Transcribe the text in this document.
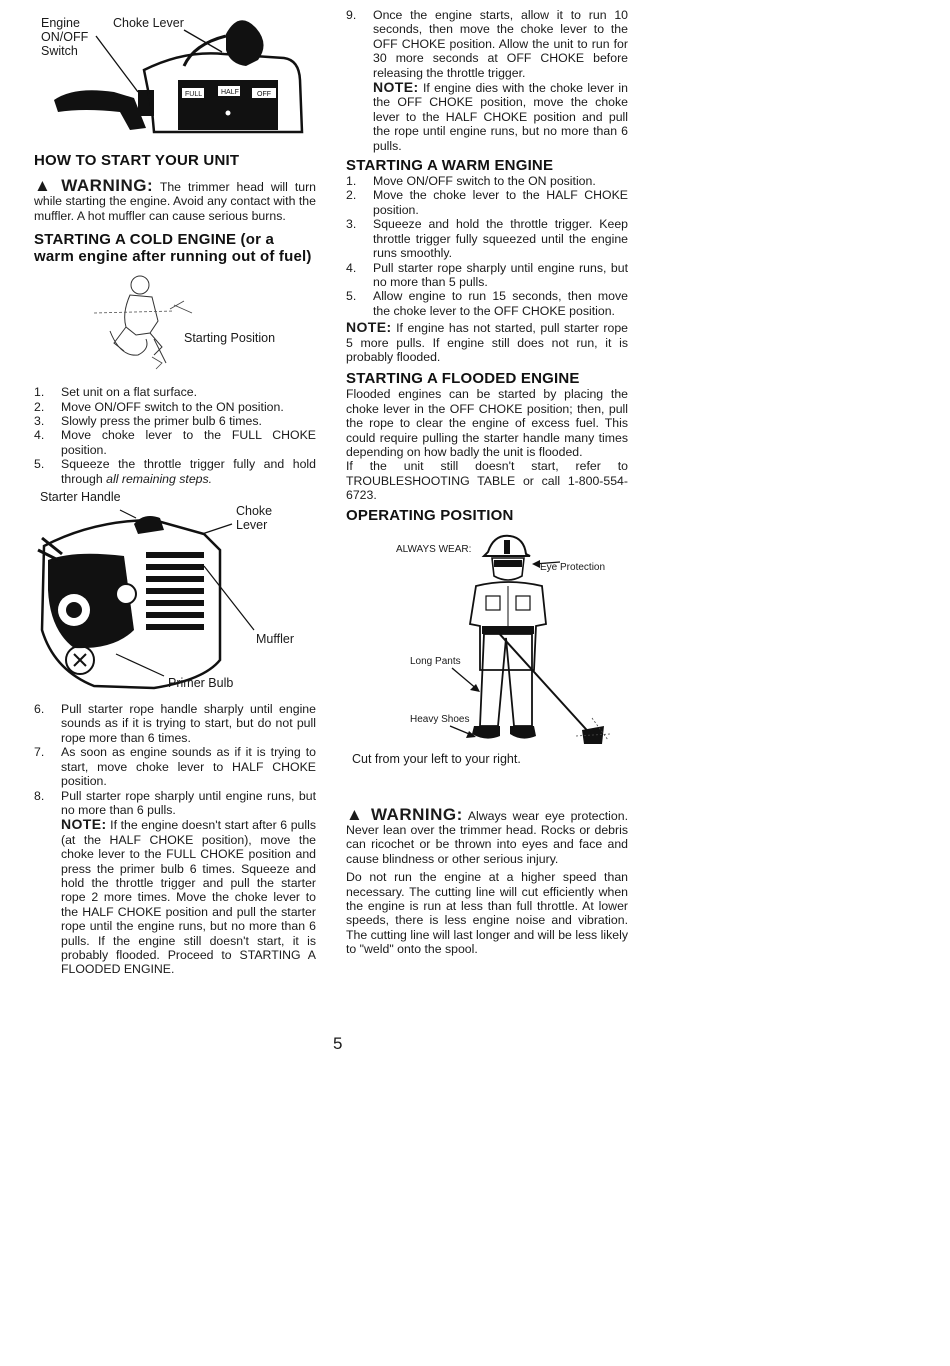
FULL	HALF	OFF
Engine
ON/OFF
Switch
Choke Lever
HOW TO START YOUR UNIT

▲ WARNING: The trimmer head will turn while starting the engine. Avoid any contact with the muffler. A hot muffler can cause serious burns.

STARTING A COLD ENGINE (or a warm engine after running out of fuel)
Starting Position
1. Set unit on a flat surface.
2. Move ON/OFF switch to the ON position.
3. Slowly press the primer bulb 6 times.
4. Move choke lever to the FULL CHOKE position.
5. Squeeze the throttle trigger fully and hold through all remaining steps.
Starter Handle
Choke
Lever
Muffler
Primer Bulb
6. Pull starter rope handle sharply until engine sounds as if it is trying to start, but do not pull rope more than 6 times.
7. As soon as engine sounds as if it is trying to start, move choke lever to HALF CHOKE position.
8. Pull starter rope sharply until engine runs, but no more than 6 pulls.
NOTE: If the engine doesn't start after 6 pulls (at the HALF CHOKE position), move the choke lever to the FULL CHOKE position and press the primer bulb 6 times. Squeeze and hold the throttle trigger and pull the starter rope 2 more times. Move the choke lever to the HALF CHOKE position and pull the starter rope until the engine runs, but no more than 6 pulls. If the engine still doesn't start, it is probably flooded. Proceed to STARTING A FLOODED ENGINE.
9. Once the engine starts, allow it to run 10 seconds, then move the choke lever to the OFF CHOKE position. Allow the unit to run for 30 more seconds at OFF CHOKE before releasing the throttle trigger.
NOTE: If engine dies with the choke lever in the OFF CHOKE position, move the choke lever to the HALF CHOKE position and pull the rope until engine runs, but no more than 6 pulls.
STARTING A WARM ENGINE
1. Move ON/OFF switch to the ON position.
2. Move the choke lever to the HALF CHOKE position.
3. Squeeze and hold the throttle trigger. Keep throttle trigger fully squeezed until the engine runs smoothly.
4. Pull starter rope sharply until engine runs, but no more than 5 pulls.
5. Allow engine to run 15 seconds, then move the choke lever to the OFF CHOKE position.

NOTE: If engine has not started, pull starter rope 5 more pulls. If engine still does not run, it is probably flooded.

STARTING A FLOODED ENGINE

Flooded engines can be started by placing the choke lever in the OFF CHOKE position; then, pull the rope to clear the engine of excess fuel. This could require pulling the starter handle many times depending on how badly the unit is flooded.

If the unit still doesn't start, refer to TROUBLESHOOTING TABLE or call 1-800-554-6723.

OPERATING POSITION
ALWAYS WEAR:
Eye Protection
Long Pants
Heavy Shoes
Cut from your left to your right.

▲ WARNING: Always wear eye protection. Never lean over the trimmer head. Rocks or debris can ricochet or be thrown into eyes and face and cause blindness or other serious injury.

Do not run the engine at a higher speed than necessary. The cutting line will cut efficiently when the engine is run at less than full throttle. At lower speeds, there is less engine noise and vibration. The cutting line will last longer and will be less likely to "weld" onto the spool.

5
